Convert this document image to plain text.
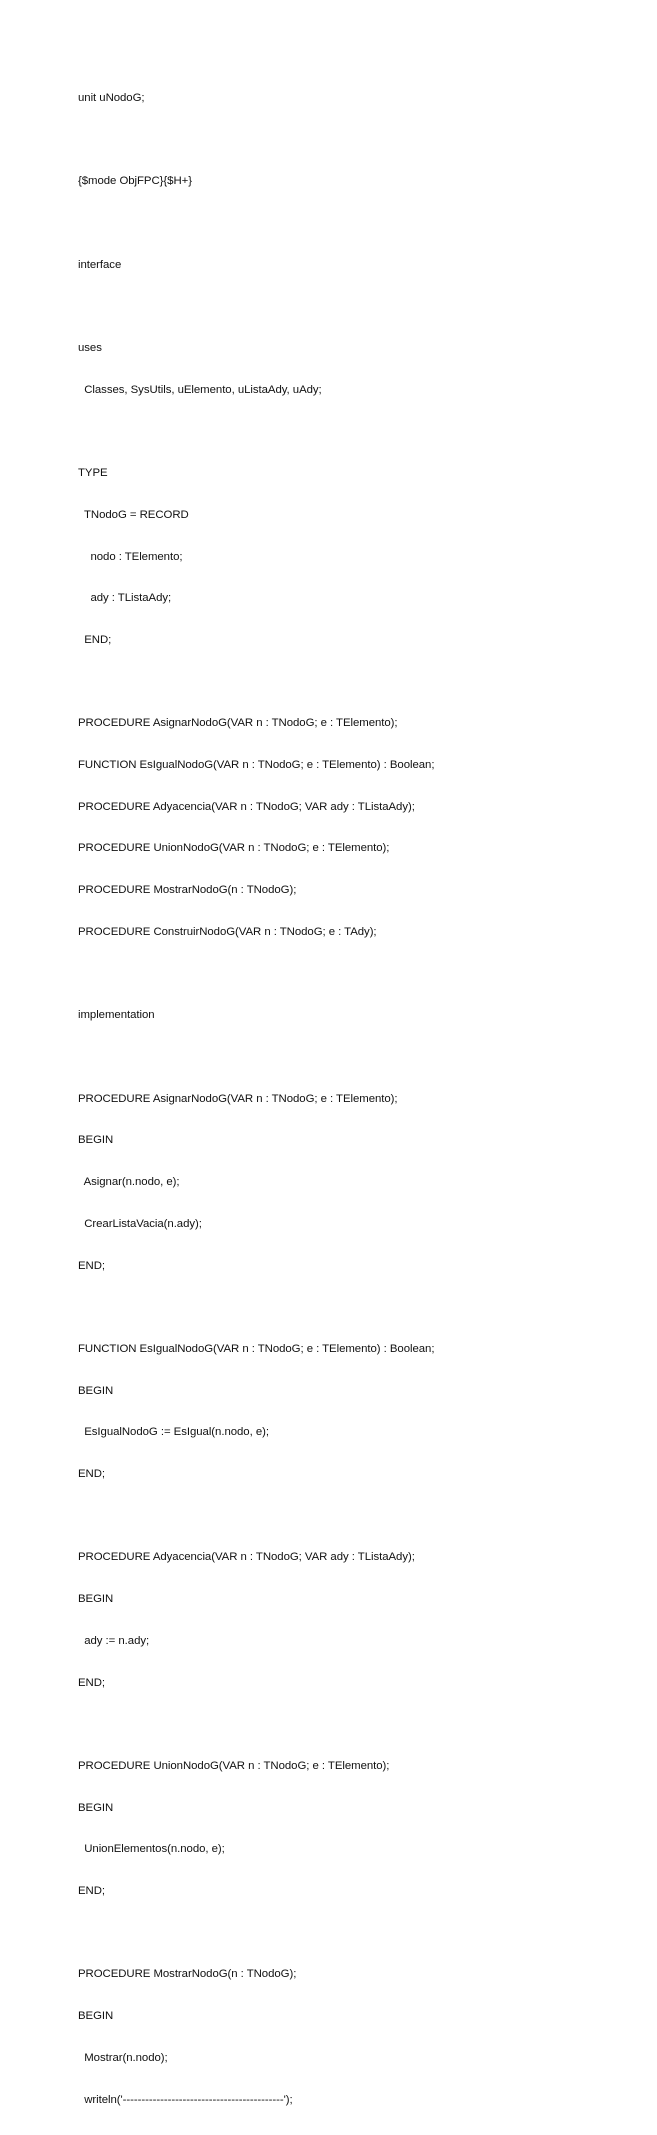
unit uNodoG;

{$mode ObjFPC}{$H+}

interface

uses

Classes, SysUtils, uElemento, uListaAdy, uAdy;

TYPE

TNodoG = RECORD

nodo : TElemento;

ady : TListaAdy;

END;

PROCEDURE AsignarNodoG(VAR n : TNodoG; e : TElemento);

FUNCTION EsIgualNodoG(VAR n : TNodoG; e : TElemento) : Boolean;

PROCEDURE Adyacencia(VAR n : TNodoG; VAR ady : TListaAdy);

PROCEDURE UnionNodoG(VAR n : TNodoG; e : TElemento);

PROCEDURE MostrarNodoG(n : TNodoG);

PROCEDURE ConstruirNodoG(VAR n : TNodoG; e : TAdy);

implementation

PROCEDURE AsignarNodoG(VAR n : TNodoG; e : TElemento);

BEGIN

Asignar(n.nodo, e);

CrearListaVacia(n.ady);

END;

FUNCTION EsIgualNodoG(VAR n : TNodoG; e : TElemento) : Boolean;

BEGIN

EsIgualNodoG := EsIgual(n.nodo, e);

END;

PROCEDURE Adyacencia(VAR n : TNodoG; VAR ady : TListaAdy);

BEGIN

ady := n.ady;

END;

PROCEDURE UnionNodoG(VAR n : TNodoG; e : TElemento);

BEGIN

UnionElementos(n.nodo, e);

END;

PROCEDURE MostrarNodoG(n : TNodoG);

BEGIN

Mostrar(n.nodo);

writeln('-------------------------------------------');
